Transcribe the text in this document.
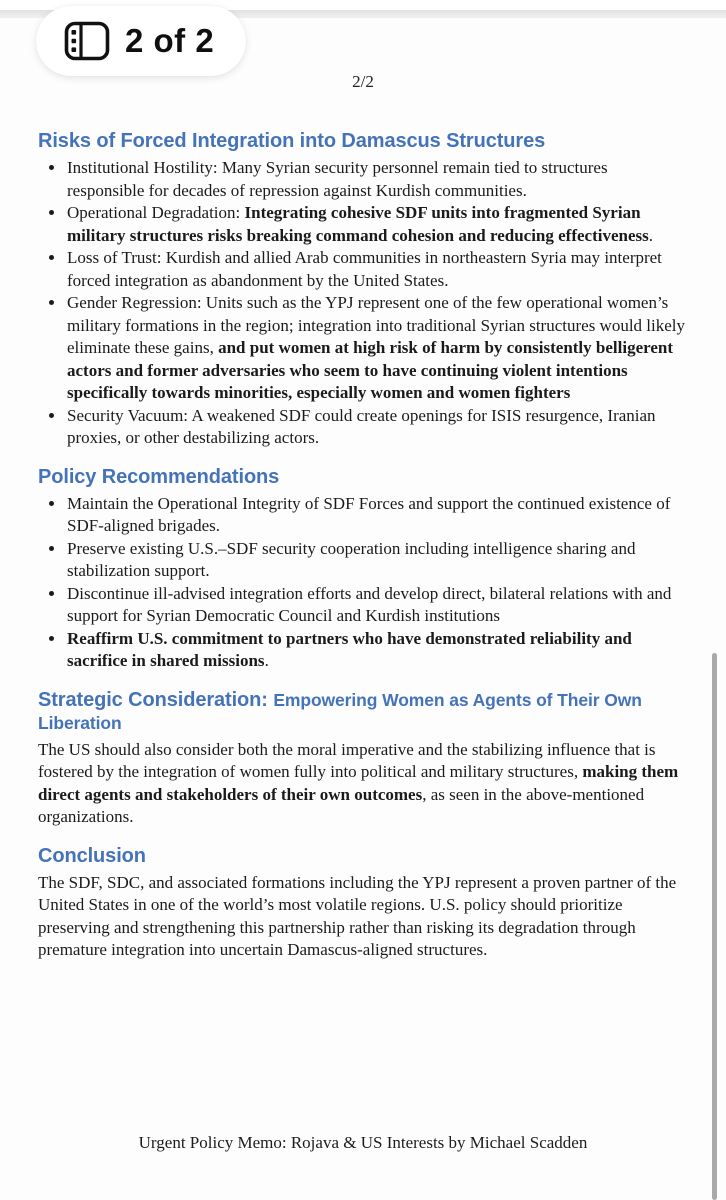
2/2
Risks of Forced Integration into Damascus Structures
• Institutional Hostility: Many Syrian security personnel remain tied to structures responsible for decades of repression against Kurdish communities.
• Operational Degradation: Integrating cohesive SDF units into fragmented Syrian military structures risks breaking command cohesion and reducing effectiveness.
• Loss of Trust: Kurdish and allied Arab communities in northeastern Syria may interpret forced integration as abandonment by the United States.
• Gender Regression: Units such as the YPJ represent one of the few operational women’s military formations in the region; integration into traditional Syrian structures would likely eliminate these gains, and put women at high risk of harm by consistently belligerent actors and former adversaries who seem to have continuing violent intentions specifically towards minorities, especially women and women fighters
• Security Vacuum: A weakened SDF could create openings for ISIS resurgence, Iranian proxies, or other destabilizing actors.
Policy Recommendations
• Maintain the Operational Integrity of SDF Forces and support the continued existence of SDF-aligned brigades.
• Preserve existing U.S.–SDF security cooperation including intelligence sharing and stabilization support.
• Discontinue ill-advised integration efforts and develop direct, bilateral relations with and support for Syrian Democratic Council and Kurdish institutions
• Reaffirm U.S. commitment to partners who have demonstrated reliability and sacrifice in shared missions.
Strategic Consideration: Empowering Women as Agents of Their Own Liberation

The US should also consider both the moral imperative and the stabilizing influence that is fostered by the integration of women fully into political and military structures, making them direct agents and stakeholders of their own outcomes, as seen in the above-mentioned organizations.

Conclusion

The SDF, SDC, and associated formations including the YPJ represent a proven partner of the United States in one of the world’s most volatile regions. U.S. policy should prioritize preserving and strengthening this partnership rather than risking its degradation through premature integration into uncertain Damascus-aligned structures.

Urgent Policy Memo: Rojava & US Interests by Michael Scadden
2 of 2
